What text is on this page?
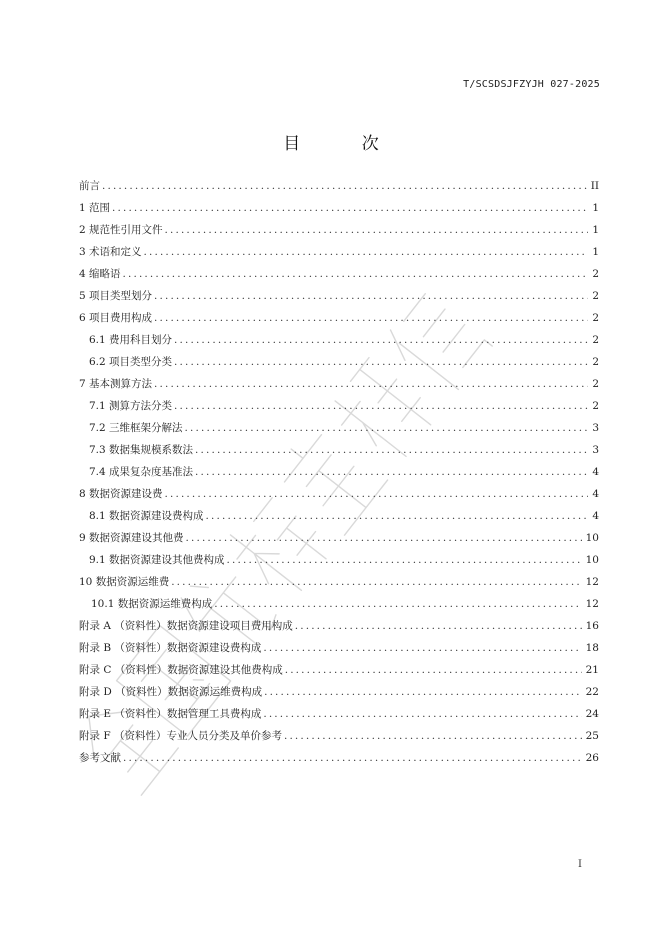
T/SCSDSJFZYJH 027-2025
目 次
前言 . . .	II
1 范围 . . .	1
2 规范性引用文件 . . .	1
3 术语和定义 . . .	1
4 缩略语 . . .	2
5 项目类型划分 . . .	2
6 项目费用构成 . . .	2
6.1 费用科目划分 . . .	2
6.2 项目类型分类 . . .	2
7 基本测算方法 . . .	2
7.1 测算方法分类 . . .	2
7.2 三维框架分解法 . . .	3
7.3 数据集规模系数法 . . .	3
7.4 成果复杂度基准法 . . .	4
8 数据资源建设费 . . .	4
8.1 数据资源建设费构成 . . .	4
9 数据资源建设其他费 . . .	10
9.1 数据资源建设其他费构成 . . .	10
10 数据资源运维费 . . .	12
10.1 数据资源运维费构成 . . .	12
附录 A （资料性）数据资源建设项目费用构成 . . .	16
附录 B （资料性）数据资源建设费构成 . . .	18
附录 C （资料性）数据资源建设其他费构成 . . .	21
附录 D （资料性）数据资源运维费构成 . . .	22
附录 E （资料性）数据管理工具费构成 . . .	24
附录 F （资料性）专业人员分类及单价参考 . . .	25
参考文献 . . .	26
I
